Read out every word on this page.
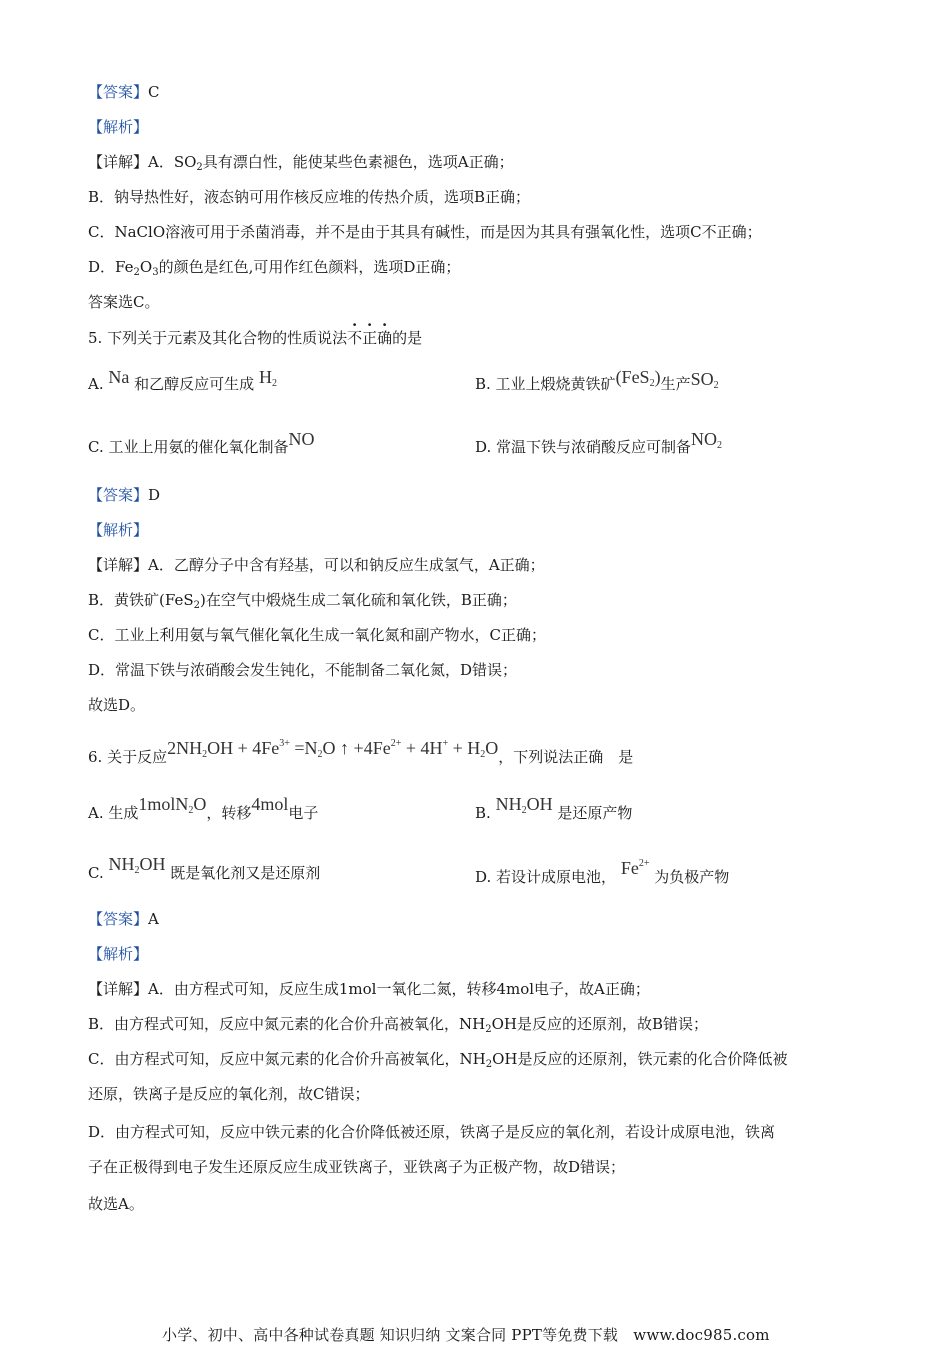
【答案】C
【解析】
【详解】A．$SO_2$具有漂白性，能使某些色素褪色，选项A正确；
B．钠导热性好，液态钠可用作核反应堆的传热介质，选项B正确；
C．NaClO溶液可用于杀菌消毒，并不是由于其具有碱性，而是因为其具有强氧化性，选项C不正确；
D．$Fe_2O_3$的颜色是红色,可用作红色颜料，选项D正确；
答案选C。
5. 下列关于元素及其化合物的性质说法不正确的是
A. Na 和乙醇反应可生成 $H_2$	B. 工业上煅烧黄铁矿(FeS$_2$)生产$SO_2$
C. 工业上用氨的催化氧化制备NO	D. 常温下铁与浓硝酸反应可制备$NO_2$
【答案】D
【解析】
【详解】A．乙醇分子中含有羟基，可以和钠反应生成氢气，A正确；
B．黄铁矿(FeS$_2$)在空气中煅烧生成二氧化硫和氧化铁，B正确；
C．工业上利用氨与氧气催化氧化生成一氧化氮和副产物水，C正确；
D．常温下铁与浓硝酸会发生钝化，不能制备二氧化氮，D错误；
故选D。
6. 关于反应$2NH_2OH + 4Fe^{3+} =N_2O$ ↑ $+4Fe^{2+} + 4H^+ + H_2O$，下列说法正确　是
A. 生成1molN$_2$O，转移4mol电子	B. $NH_2OH$ 是还原产物
C. $NH_2OH$ 既是氧化剂又是还原剂	D. 若设计成原电池， $Fe^{2+}$ 为负极产物
【答案】A
【解析】
【详解】A．由方程式可知，反应生成1mol一氧化二氮，转移4mol电子，故A正确；
B．由方程式可知，反应中氮元素的化合价升高被氧化，$NH_2OH$是反应的还原剂，故B错误；
C．由方程式可知，反应中氮元素的化合价升高被氧化，$NH_2OH$是反应的还原剂，铁元素的化合价降低被
还原，铁离子是反应的氧化剂，故C错误；
D．由方程式可知，反应中铁元素的化合价降低被还原，铁离子是反应的氧化剂，若设计成原电池，铁离
子在正极得到电子发生还原反应生成亚铁离子，亚铁离子为正极产物，故D错误；
故选A。
小学、初中、高中各种试卷真题 知识归纳 文案合同 PPT等免费下载　www.doc985.com
